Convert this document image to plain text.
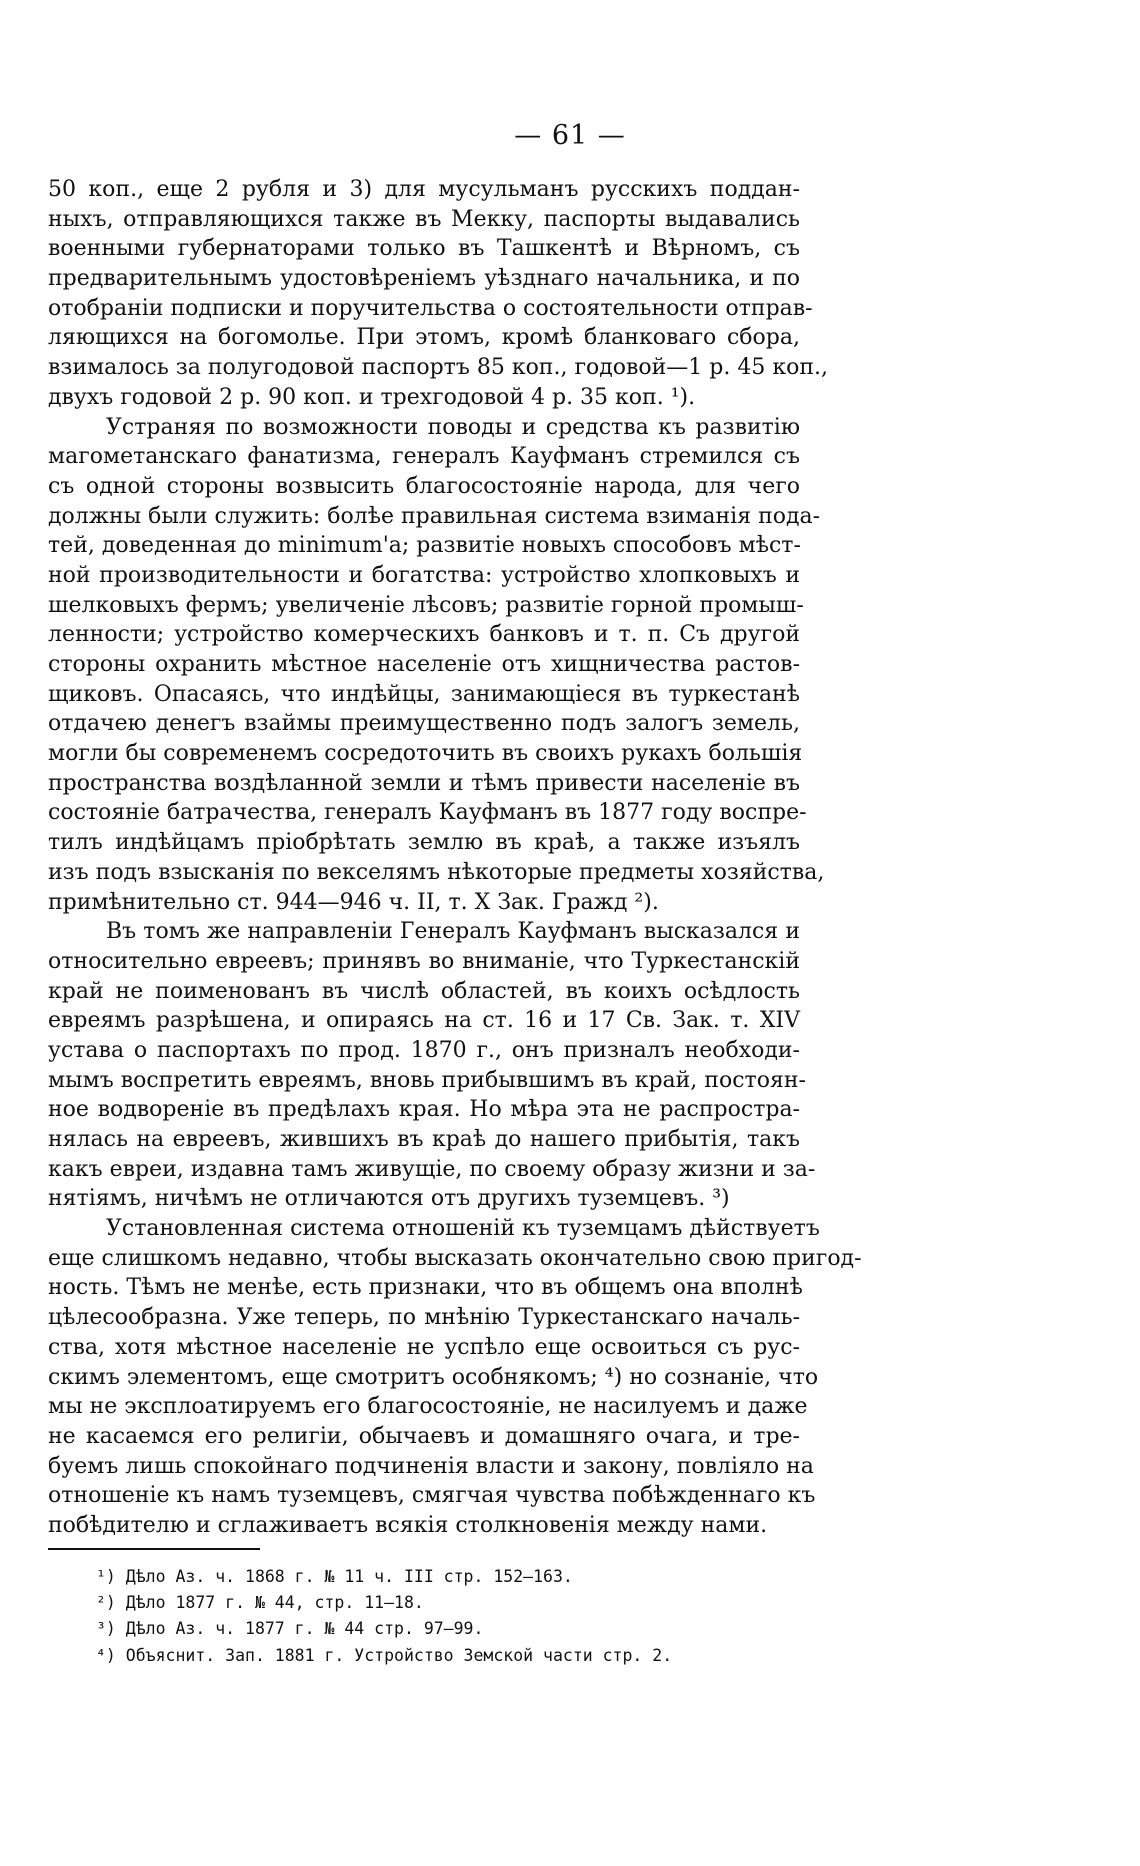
— 61 —
50 коп., еще 2 рубля и 3) для мусульманъ русскихъ поддан-
ныхъ, отправляющихся также въ Мекку, паспорты выдавались
военными губернаторами только въ Ташкентѣ и Вѣрномъ, съ
предварительнымъ удостовѣреніемъ уѣзднаго начальника, и по
отобраніи подписки и поручительства о состоятельности отправ-
ляющихся на богомолье. При этомъ, кромѣ бланковаго сбора,
взималось за полугодовой паспортъ 85 коп., годовой—1 р. 45 коп.,
двухъ годовой 2 р. 90 коп. и трехгодовой 4 р. 35 коп. ¹).
Устраняя по возможности поводы и средства къ развитію
магометанскаго фанатизма, генералъ Кауфманъ стремился съ
съ одной стороны возвысить благосостояніе народа, для чего
должны были служить: болѣе правильная система взиманія пода-
тей, доведенная до minimum'а; развитіе новыхъ способовъ мѣст-
ной производительности и богатства: устройство хлопковыхъ и
шелковыхъ фермъ; увеличеніе лѣсовъ; развитіе горной промыш-
ленности; устройство комерческихъ банковъ и т. п. Съ другой
стороны охранить мѣстное населеніе отъ хищничества растов-
щиковъ. Опасаясь, что индѣйцы, занимающіеся въ туркестанѣ
отдачею денегъ взаймы преимущественно подъ залогъ земель,
могли бы современемъ сосредоточить въ своихъ рукахъ большія
пространства воздѣланной земли и тѣмъ привести населеніе въ
состояніе батрачества, генералъ Кауфманъ въ 1877 году воспре-
тилъ индѣйцамъ пріобрѣтать землю въ краѣ, а также изъялъ
изъ подъ взысканія по векселямъ нѣкоторые предметы хозяйства,
примѣнительно ст. 944—946 ч. II, т. X Зак. Гражд ²).
Въ томъ же направленіи Генералъ Кауфманъ высказался и
относительно евреевъ; принявъ во вниманіе, что Туркестанскій
край не поименованъ въ числѣ областей, въ коихъ осѣдлость
евреямъ разрѣшена, и опираясь на ст. 16 и 17 Св. Зак. т. XIV
устава о паспортахъ по прод. 1870 г., онъ призналъ необходи-
мымъ воспретить евреямъ, вновь прибывшимъ въ край, постоян-
ное водвореніе въ предѣлахъ края. Но мѣра эта не распростра-
нялась на евреевъ, жившихъ въ краѣ до нашего прибытія, такъ
какъ евреи, издавна тамъ живущіе, по своему образу жизни и за-
нятіямъ, ничѣмъ не отличаются отъ другихъ туземцевъ. ³)
Установленная система отношеній къ туземцамъ дѣйствуетъ
еще слишкомъ недавно, чтобы высказать окончательно свою пригод-
ность. Тѣмъ не менѣе, есть признаки, что въ общемъ она вполнѣ
цѣлесообразна. Уже теперь, по мнѣнію Туркестанскаго началь-
ства, хотя мѣстное населеніе не успѣло еще освоиться съ рус-
скимъ элементомъ, еще смотритъ особнякомъ; ⁴) но сознаніе, что
мы не эксплоатируемъ его благосостояніе, не насилуемъ и даже
не касаемся его религіи, обычаевъ и домашняго очага, и тре-
буемъ лишь спокойнаго подчиненія власти и закону, повліяло на
отношеніе къ намъ туземцевъ, смягчая чувства побѣжденнаго къ
побѣдителю и сглаживаетъ всякія столкновенія между нами.
¹) Дѣло Аз. ч. 1868 г. № 11 ч. III стр. 152—163.
²) Дѣло 1877 г. № 44, стр. 11—18.
³) Дѣло Аз. ч. 1877 г. № 44 стр. 97—99.
⁴) Объяснит. Зап. 1881 г. Устройство Земской части стр. 2.
